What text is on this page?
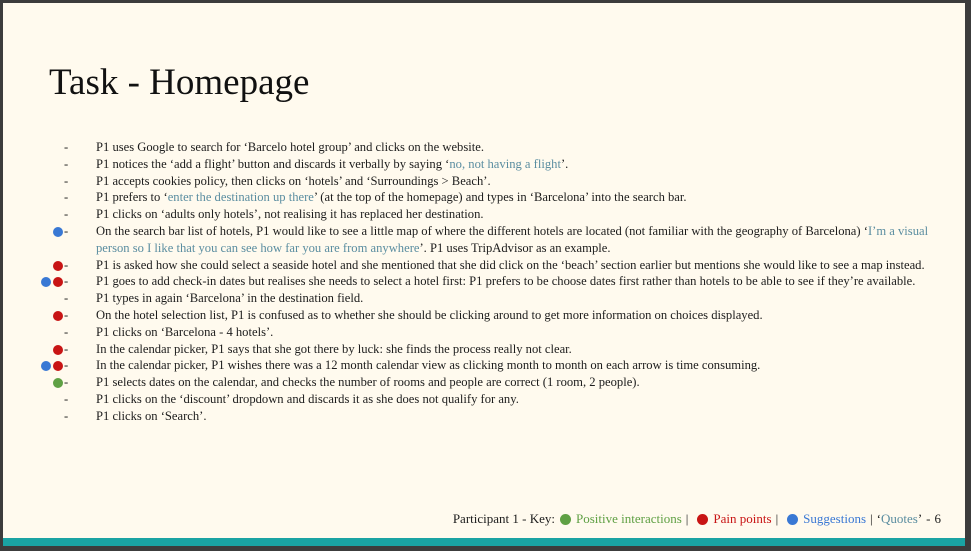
Task - Homepage
- P1 uses Google to search for ‘Barcelo hotel group’ and clicks on the website.
- P1 notices the ‘add a flight’ button and discards it verbally by saying ‘no, not having a flight’.
- P1 accepts cookies policy, then clicks on ‘hotels’ and ‘Surroundings > Beach’.
- P1 prefers to ‘enter the destination up there’ (at the top of the homepage) and types in ‘Barcelona’ into the search bar.
- P1 clicks on ‘adults only hotels’, not realising it has replaced her destination.
- On the search bar list of hotels, P1 would like to see a little map of where the different hotels are located (not familiar with the geography of Barcelona) ‘I’m a visual person so I like that you can see how far you are from anywhere’. P1 uses TripAdvisor as an example.
- P1 is asked how she could select a seaside hotel and she mentioned that she did click on the ‘beach’ section earlier but mentions she would like to see a map instead.
- P1 goes to add check-in dates but realises she needs to select a hotel first: P1 prefers to be choose dates first rather than hotels to be able to see if they’re available.
- P1 types in again ‘Barcelona’ in the destination field.
- On the hotel selection list, P1 is confused as to whether she should be clicking around to get more information on choices displayed.
- P1 clicks on ‘Barcelona - 4 hotels’.
- In the calendar picker, P1 says that she got there by luck: she finds the process really not clear.
- In the calendar picker, P1 wishes there was a 12 month calendar view as clicking month to month on each arrow is time consuming.
- P1 selects dates on the calendar, and checks the number of rooms and people are correct (1 room, 2 people).
- P1 clicks on the ‘discount’ dropdown and discards it as she does not qualify for any.
- P1 clicks on ‘Search’.
Participant 1 - Key: Positive interactions | Pain points | Suggestions | ‘ Quotes ’ - 6
